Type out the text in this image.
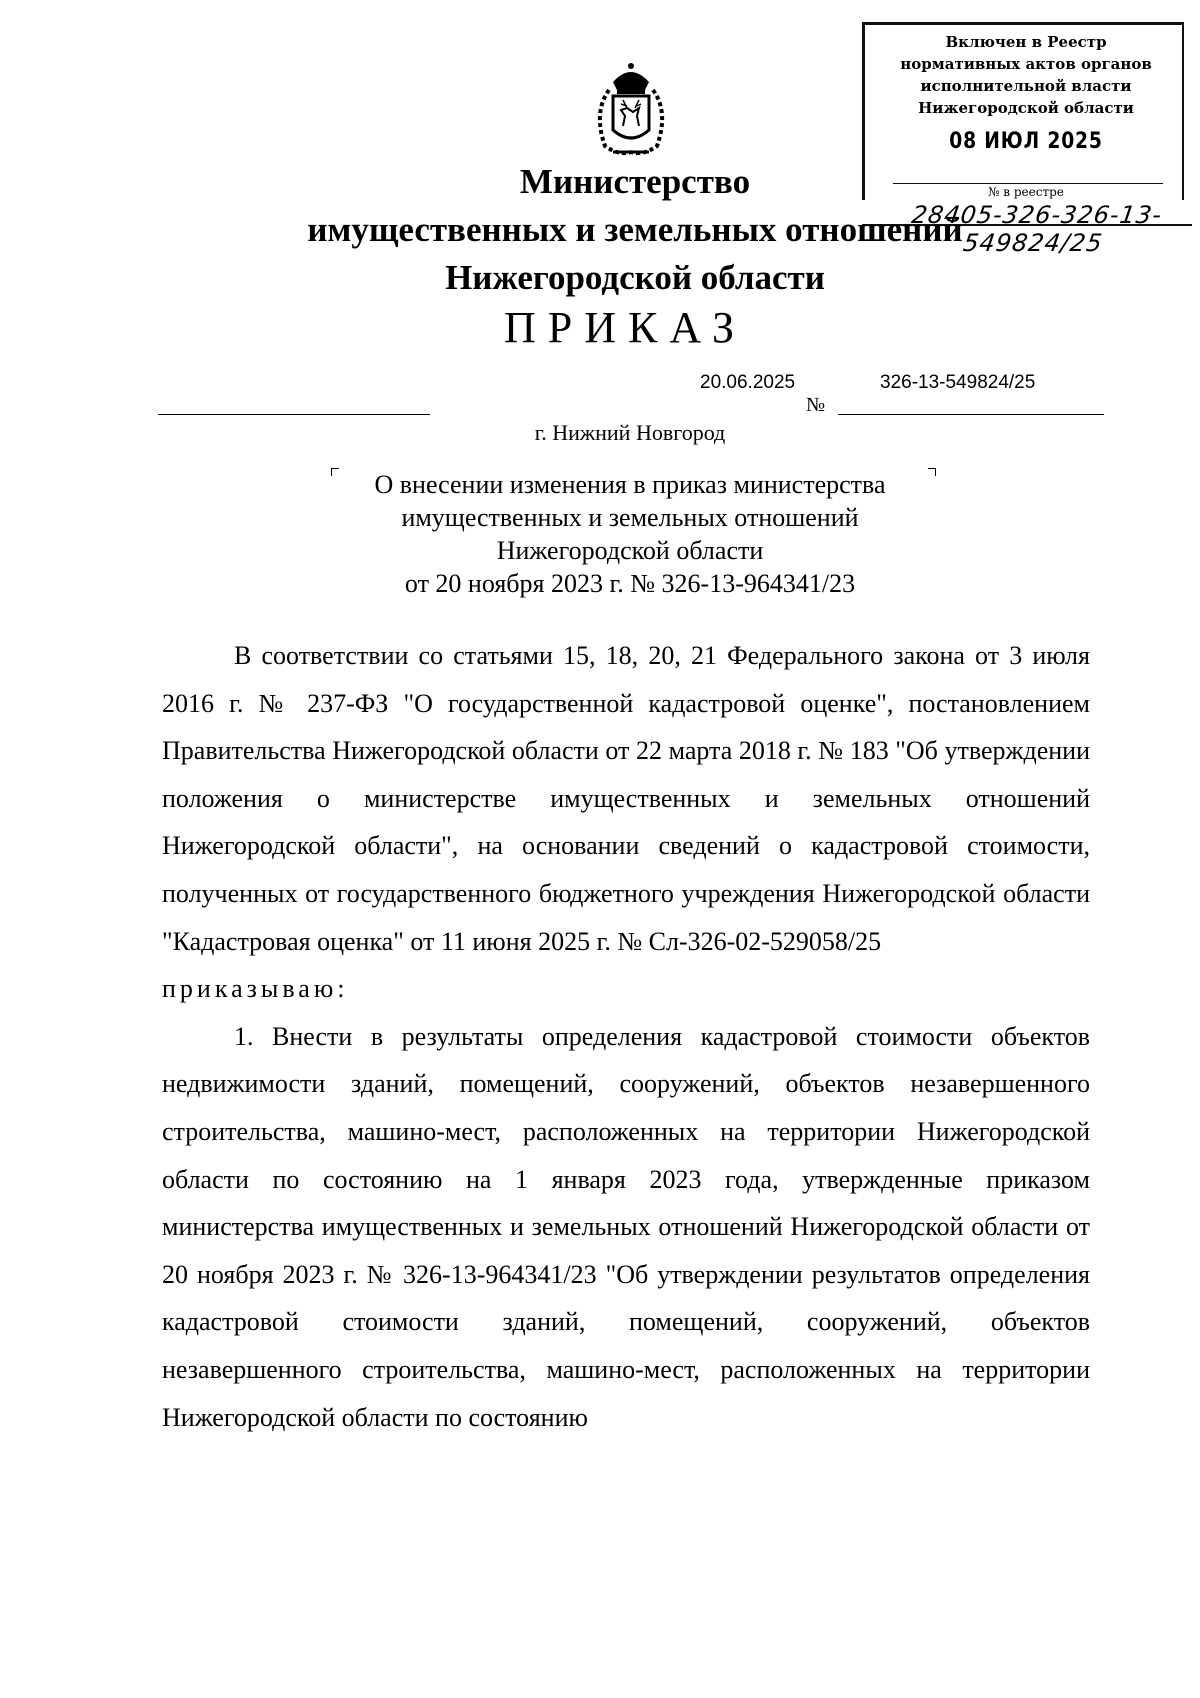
Включен в Реестр
нормативных актов органов
исполнительной власти
Нижегородской области
08 ИЮЛ 2025
№ в реестре
28405-326-326-13-549824/25
Министерство
имущественных и земельных отношений
Нижегородской области
ПРИКАЗ
20.06.2025
№
326-13-549824/25
г. Нижний Новгород
О внесении изменения в приказ министерства
имущественных и земельных отношений
Нижегородской области
от 20 ноября 2023 г. № 326-13-964341/23

В соответствии со статьями 15, 18, 20, 21 Федерального закона от 3 июля 2016 г. № 237-ФЗ "О государственной кадастровой оценке", постановлением Правительства Нижегородской области от 22 марта 2018 г. № 183 "Об утверждении положения о министерстве имущественных и земельных отношений Нижегородской области", на основании сведений о кадастровой стоимости, полученных от государственного бюджетного учреждения Нижегородской области "Кадастровая оценка" от 11 июня 2025 г. № Сл-326-02-529058/25

приказываю:

1. Внести в результаты определения кадастровой стоимости объектов недвижимости зданий, помещений, сооружений, объектов незавершенного строительства, машино-мест, расположенных на территории Нижегородской области по состоянию на 1 января 2023 года, утвержденные приказом министерства имущественных и земельных отношений Нижегородской области от 20 ноября 2023 г. № 326-13-964341/23 "Об утверждении результатов определения кадастровой стоимости зданий, помещений, сооружений, объектов незавершенного строительства, машино-мест, расположенных на территории Нижегородской области по состоянию
